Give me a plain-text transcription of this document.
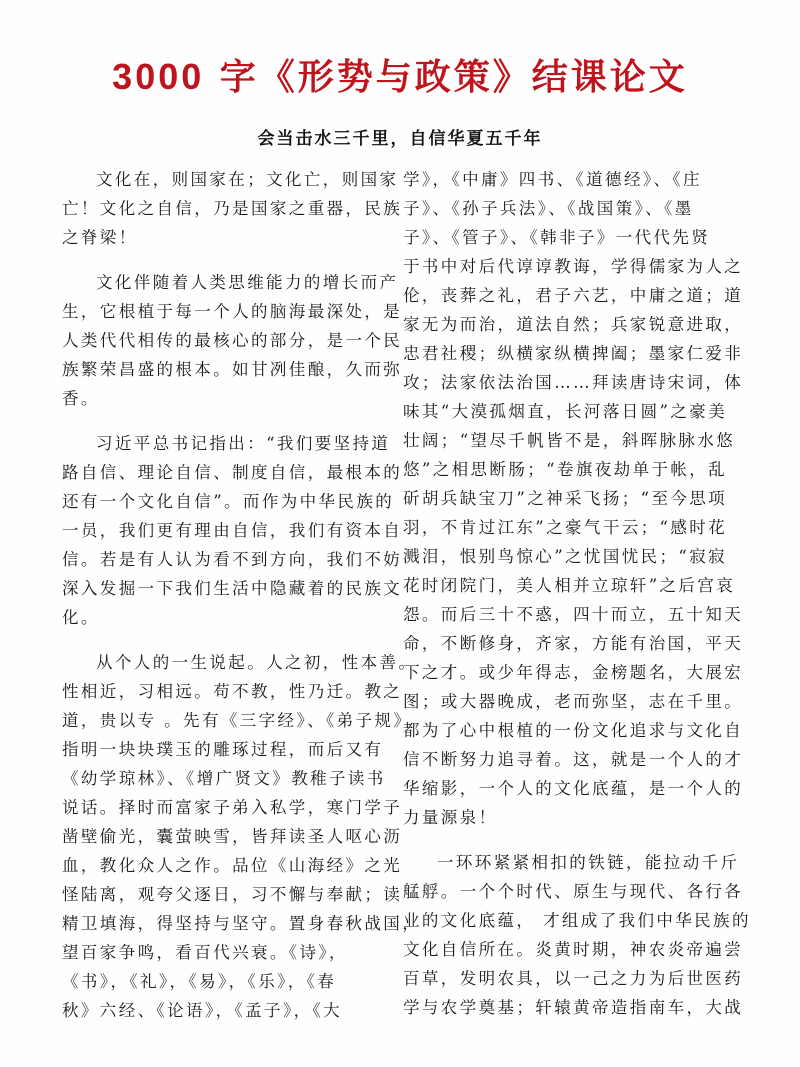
3000 字《形势与政策》结课论文
会当击水三千里，自信华夏五千年
文化在，则国家在；文化亡，则国家
亡！文化之自信，乃是国家之重器，民族
之脊梁！
文化伴随着人类思维能力的增长而产
生，它根植于每一个人的脑海最深处，是
人类代代相传的最核心的部分，是一个民
族繁荣昌盛的根本。如甘冽佳酿，久而弥
香。
习近平总书记指出：“我们要坚持道
路自信、理论自信、制度自信，最根本的
还有一个文化自信”。而作为中华民族的
一员，我们更有理由自信，我们有资本自
信。若是有人认为看不到方向，我们不妨
深入发掘一下我们生活中隐藏着的民族文
化。
从个人的一生说起。人之初，性本善。
性相近，习相远。苟不教，性乃迁。教之
道，贵以专 。先有《三字经》、《弟子规》
指明一块块璞玉的雕琢过程，而后又有
《幼学琼林》、《增广贤文》教稚子读书
说话。择时而富家子弟入私学，寒门学子
凿壁偷光，囊萤映雪，皆拜读圣人呕心沥
血，教化众人之作。品位《山海经》之光
怪陆离，观夸父逐日，习不懈与奉献；读
精卫填海，得坚持与坚守。置身春秋战国，
望百家争鸣，看百代兴衰。《诗》，
《书》，《礼》，《易》，《乐》，《春
秋》六经、《论语》，《孟子》，《大
学》，《中庸》四书、《道德经》、《庄
子》、《孙子兵法》、《战国策》、《墨
子》、《管子》、《韩非子》一代代先贤
于书中对后代谆谆教诲，学得儒家为人之
伦，丧葬之礼，君子六艺，中庸之道；道
家无为而治，道法自然；兵家锐意进取，
忠君社稷；纵横家纵横捭阖；墨家仁爱非
攻；法家依法治国……拜读唐诗宋词，体
味其“大漠孤烟直，长河落日圆”之豪美
壮阔；“望尽千帆皆不是，斜晖脉脉水悠
悠”之相思断肠；“卷旗夜劫单于帐，乱
斫胡兵缺宝刀”之神采飞扬；“至今思项
羽，不肯过江东”之豪气干云；“感时花
溅泪，恨别鸟惊心”之忧国忧民；“寂寂
花时闭院门，美人相并立琼轩”之后宫哀
怨。而后三十不惑，四十而立，五十知天
命，不断修身，齐家，方能有治国，平天
下之才。或少年得志，金榜题名，大展宏
图；或大器晚成，老而弥坚，志在千里。
都为了心中根植的一份文化追求与文化自
信不断努力追寻着。这，就是一个人的才
华缩影，一个人的文化底蕴，是一个人的
力量源泉！
一环环紧紧相扣的铁链，能拉动千斤
艋艀。一个个时代、原生与现代、各行各
业的文化底蕴， 才组成了我们中华民族的
文化自信所在。炎黄时期，神农炎帝遍尝
百草，发明农具，以一己之力为后世医药
学与农学奠基；轩辕黄帝造指南车，大战
